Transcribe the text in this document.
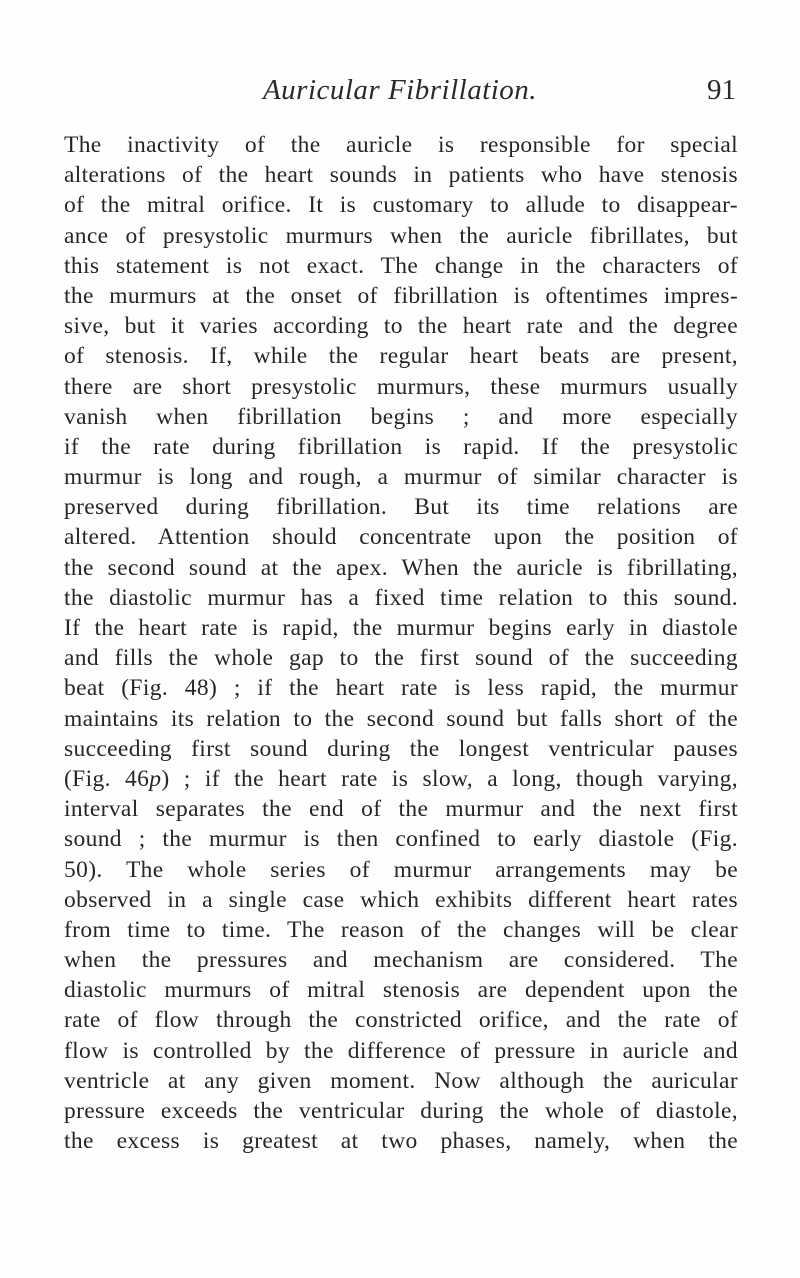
Auricular Fibrillation.	91
The inactivity of the auricle is responsible for special
alterations of the heart sounds in patients who have stenosis
of the mitral orifice. It is customary to allude to disappear-
ance of presystolic murmurs when the auricle fibrillates, but
this statement is not exact. The change in the characters of
the murmurs at the onset of fibrillation is oftentimes impres-
sive, but it varies according to the heart rate and the degree
of stenosis. If, while the regular heart beats are present,
there are short presystolic murmurs, these murmurs usually
vanish when fibrillation begins ; and more especially
if the rate during fibrillation is rapid. If the presystolic
murmur is long and rough, a murmur of similar character is
preserved during fibrillation. But its time relations are
altered. Attention should concentrate upon the position of
the second sound at the apex. When the auricle is fibrillating,
the diastolic murmur has a fixed time relation to this sound.
If the heart rate is rapid, the murmur begins early in diastole
and fills the whole gap to the first sound of the succeeding
beat (Fig. 48) ; if the heart rate is less rapid, the murmur
maintains its relation to the second sound but falls short of the
succeeding first sound during the longest ventricular pauses
(Fig. 46p) ; if the heart rate is slow, a long, though varying,
interval separates the end of the murmur and the next first
sound ; the murmur is then confined to early diastole (Fig.
50). The whole series of murmur arrangements may be
observed in a single case which exhibits different heart rates
from time to time. The reason of the changes will be clear
when the pressures and mechanism are considered. The
diastolic murmurs of mitral stenosis are dependent upon the
rate of flow through the constricted orifice, and the rate of
flow is controlled by the difference of pressure in auricle and
ventricle at any given moment. Now although the auricular
pressure exceeds the ventricular during the whole of diastole,
the excess is greatest at two phases, namely, when the
